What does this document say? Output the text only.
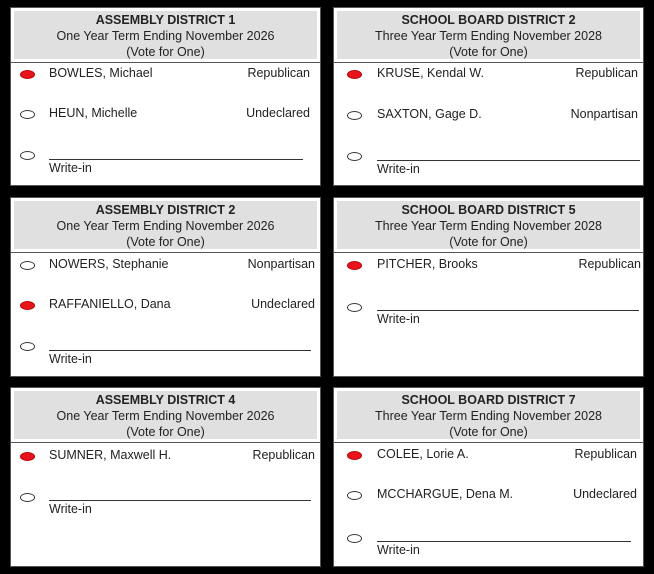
ASSEMBLY DISTRICT 1
One Year Term Ending November 2026
(Vote for One)
BOWLES, Michael	Republican
HEUN, Michelle	Undeclared
Write-in
SCHOOL BOARD DISTRICT 2
Three Year Term Ending November 2028
(Vote for One)
KRUSE, Kendal W.	Republican
SAXTON, Gage D.	Nonpartisan
Write-in
ASSEMBLY DISTRICT 2
One Year Term Ending November 2026
(Vote for One)
NOWERS, Stephanie	Nonpartisan
RAFFANIELLO, Dana	Undeclared
Write-in
SCHOOL BOARD DISTRICT 5
Three Year Term Ending November 2028
(Vote for One)
PITCHER, Brooks	Republican
Write-in
ASSEMBLY DISTRICT 4
One Year Term Ending November 2026
(Vote for One)
SUMNER, Maxwell H.	Republican
Write-in
SCHOOL BOARD DISTRICT 7
Three Year Term Ending November 2028
(Vote for One)
COLEE, Lorie A.	Republican
MCCHARGUE, Dena M.	Undeclared
Write-in
